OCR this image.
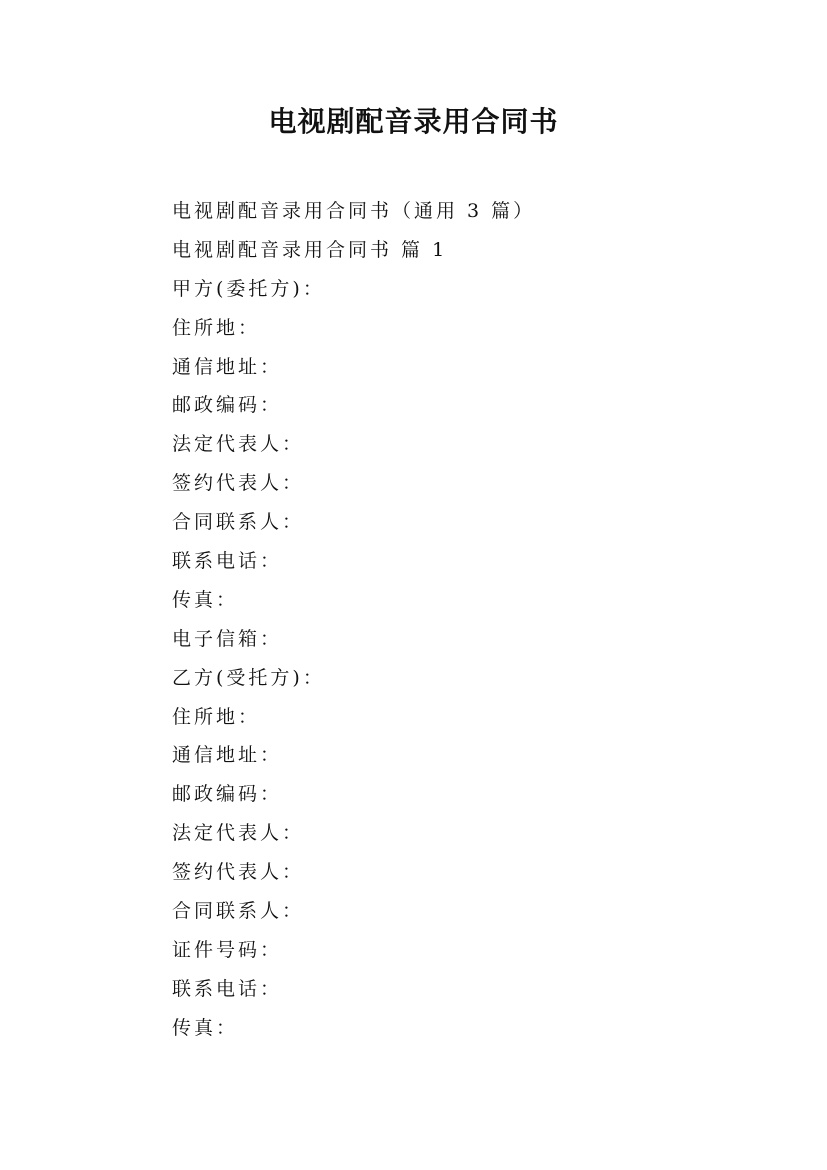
电视剧配音录用合同书
电视剧配音录用合同书（通用 3 篇）
电视剧配音录用合同书 篇 1
甲方(委托方)：
住所地：
通信地址：
邮政编码：
法定代表人：
签约代表人：
合同联系人：
联系电话：
传真：
电子信箱：
乙方(受托方)：
住所地：
通信地址：
邮政编码：
法定代表人：
签约代表人：
合同联系人：
证件号码：
联系电话：
传真：
